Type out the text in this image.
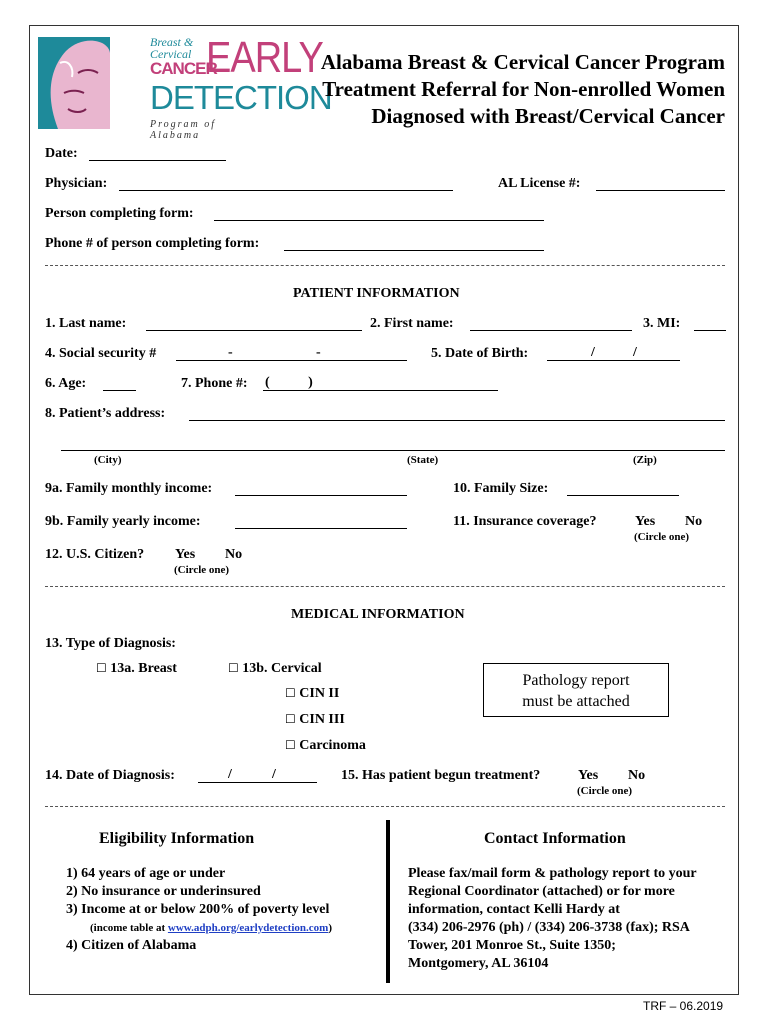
Breast &
Cervical
CANCER
EARLY
DETECTION
Program of Alabama
Alabama Breast & Cervical Cancer Program
Treatment Referral for Non-enrolled Women
Diagnosed with Breast/Cervical Cancer
Date:
Physician:	AL License #:
Person completing form:
Phone # of person completing form:
PATIENT INFORMATION
1. Last name:	2. First name:	3. MI:
4. Social security #	-	-	5. Date of Birth:	/	/
6. Age:	7. Phone #: (           )
8. Patient’s address:
(City)	(State)	(Zip)
9a. Family monthly income:	10. Family Size:
9b. Family yearly income:	11. Insurance coverage?	Yes No
(Circle one)
12. U.S. Citizen? Yes No
(Circle one)
MEDICAL INFORMATION
13. Type of Diagnosis:
☐ 13a. Breast	☐ 13b. Cervical
☐ CIN II
☐ CIN III
☐ Carcinoma
Pathology report
must be attached
14. Date of Diagnosis:	/	/	15. Has patient begun treatment?	Yes No
(Circle one)
Eligibility Information	Contact Information
1) 64 years of age or under
2) No insurance or underinsured
3) Income at or below 200% of poverty level
(income table at www.adph.org/earlydetection.com)
4) Citizen of Alabama
Please fax/mail form & pathology report to your
Regional Coordinator (attached) or for more
information, contact Kelli Hardy at
(334) 206-2976 (ph) / (334) 206-3738 (fax); RSA
Tower, 201 Monroe St., Suite 1350;
Montgomery, AL 36104
TRF – 06.2019
